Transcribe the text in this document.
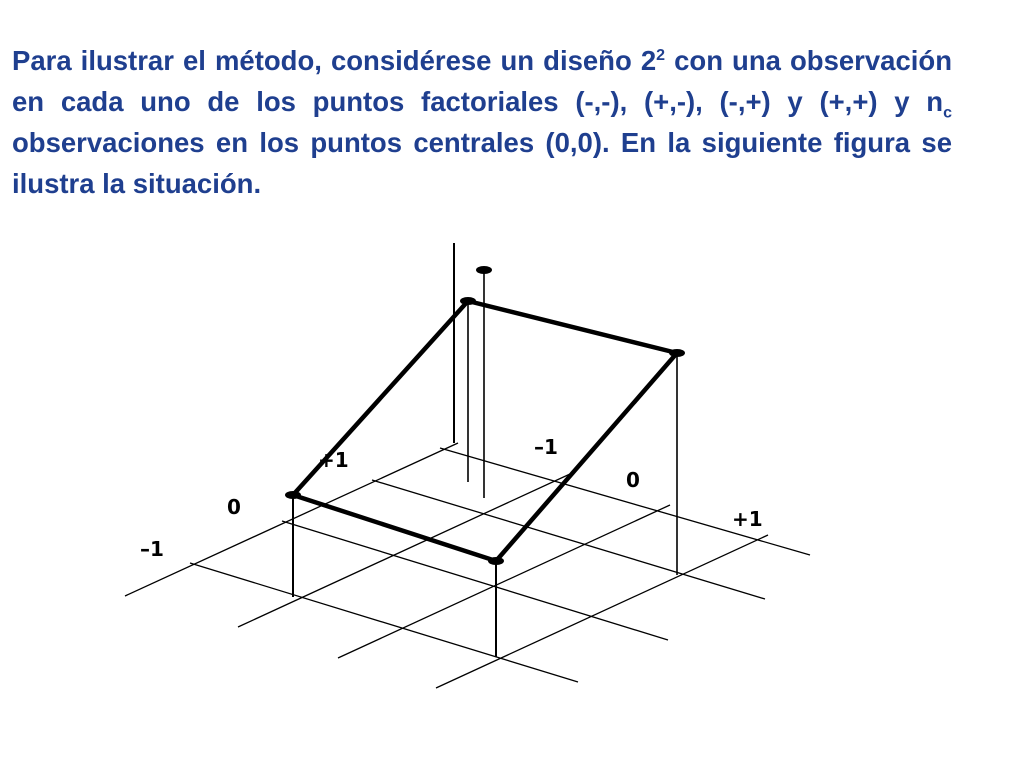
Para ilustrar el método, considérese un diseño $2^2$ con una observación en cada uno de los puntos factoriales (-,-), (+,-), (-,+) y (+,+) y $n_c$ observaciones en los puntos centrales (0,0). En la siguiente figura se ilustra la situación.

–1
0
+1
–1
0
+1
